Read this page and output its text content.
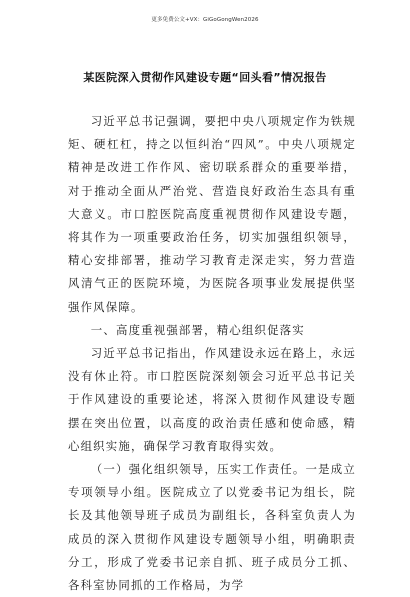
更多免费公文+VX：GiGoGongWen2026
某医院深入贯彻作风建设专题“回头看”情况报告

习近平总书记强调，要把中央八项规定作为铁规矩、硬杠杠，持之以恒纠治“四风”。中央八项规定精神是改进工作作风、密切联系群众的重要举措，对于推动全面从严治党、营造良好政治生态具有重大意义。市口腔医院高度重视贯彻作风建设专题，将其作为一项重要政治任务，切实加强组织领导，精心安排部署，推动学习教育走深走实，努力营造风清气正的医院环境，为医院各项事业发展提供坚强作风保障。

一、高度重视强部署，精心组织促落实

习近平总书记指出，作风建设永远在路上，永远没有休止符。市口腔医院深刻领会习近平总书记关于作风建设的重要论述，将深入贯彻作风建设专题摆在突出位置，以高度的政治责任感和使命感，精心组织实施，确保学习教育取得实效。

（一）强化组织领导，压实工作责任。一是成立专项领导小组。医院成立了以党委书记为组长，院长及其他领导班子成员为副组长，各科室负责人为成员的深入贯彻作风建设专题领导小组，明确职责分工，形成了党委书记亲自抓、班子成员分工抓、各科室协同抓的工作格局，为学
